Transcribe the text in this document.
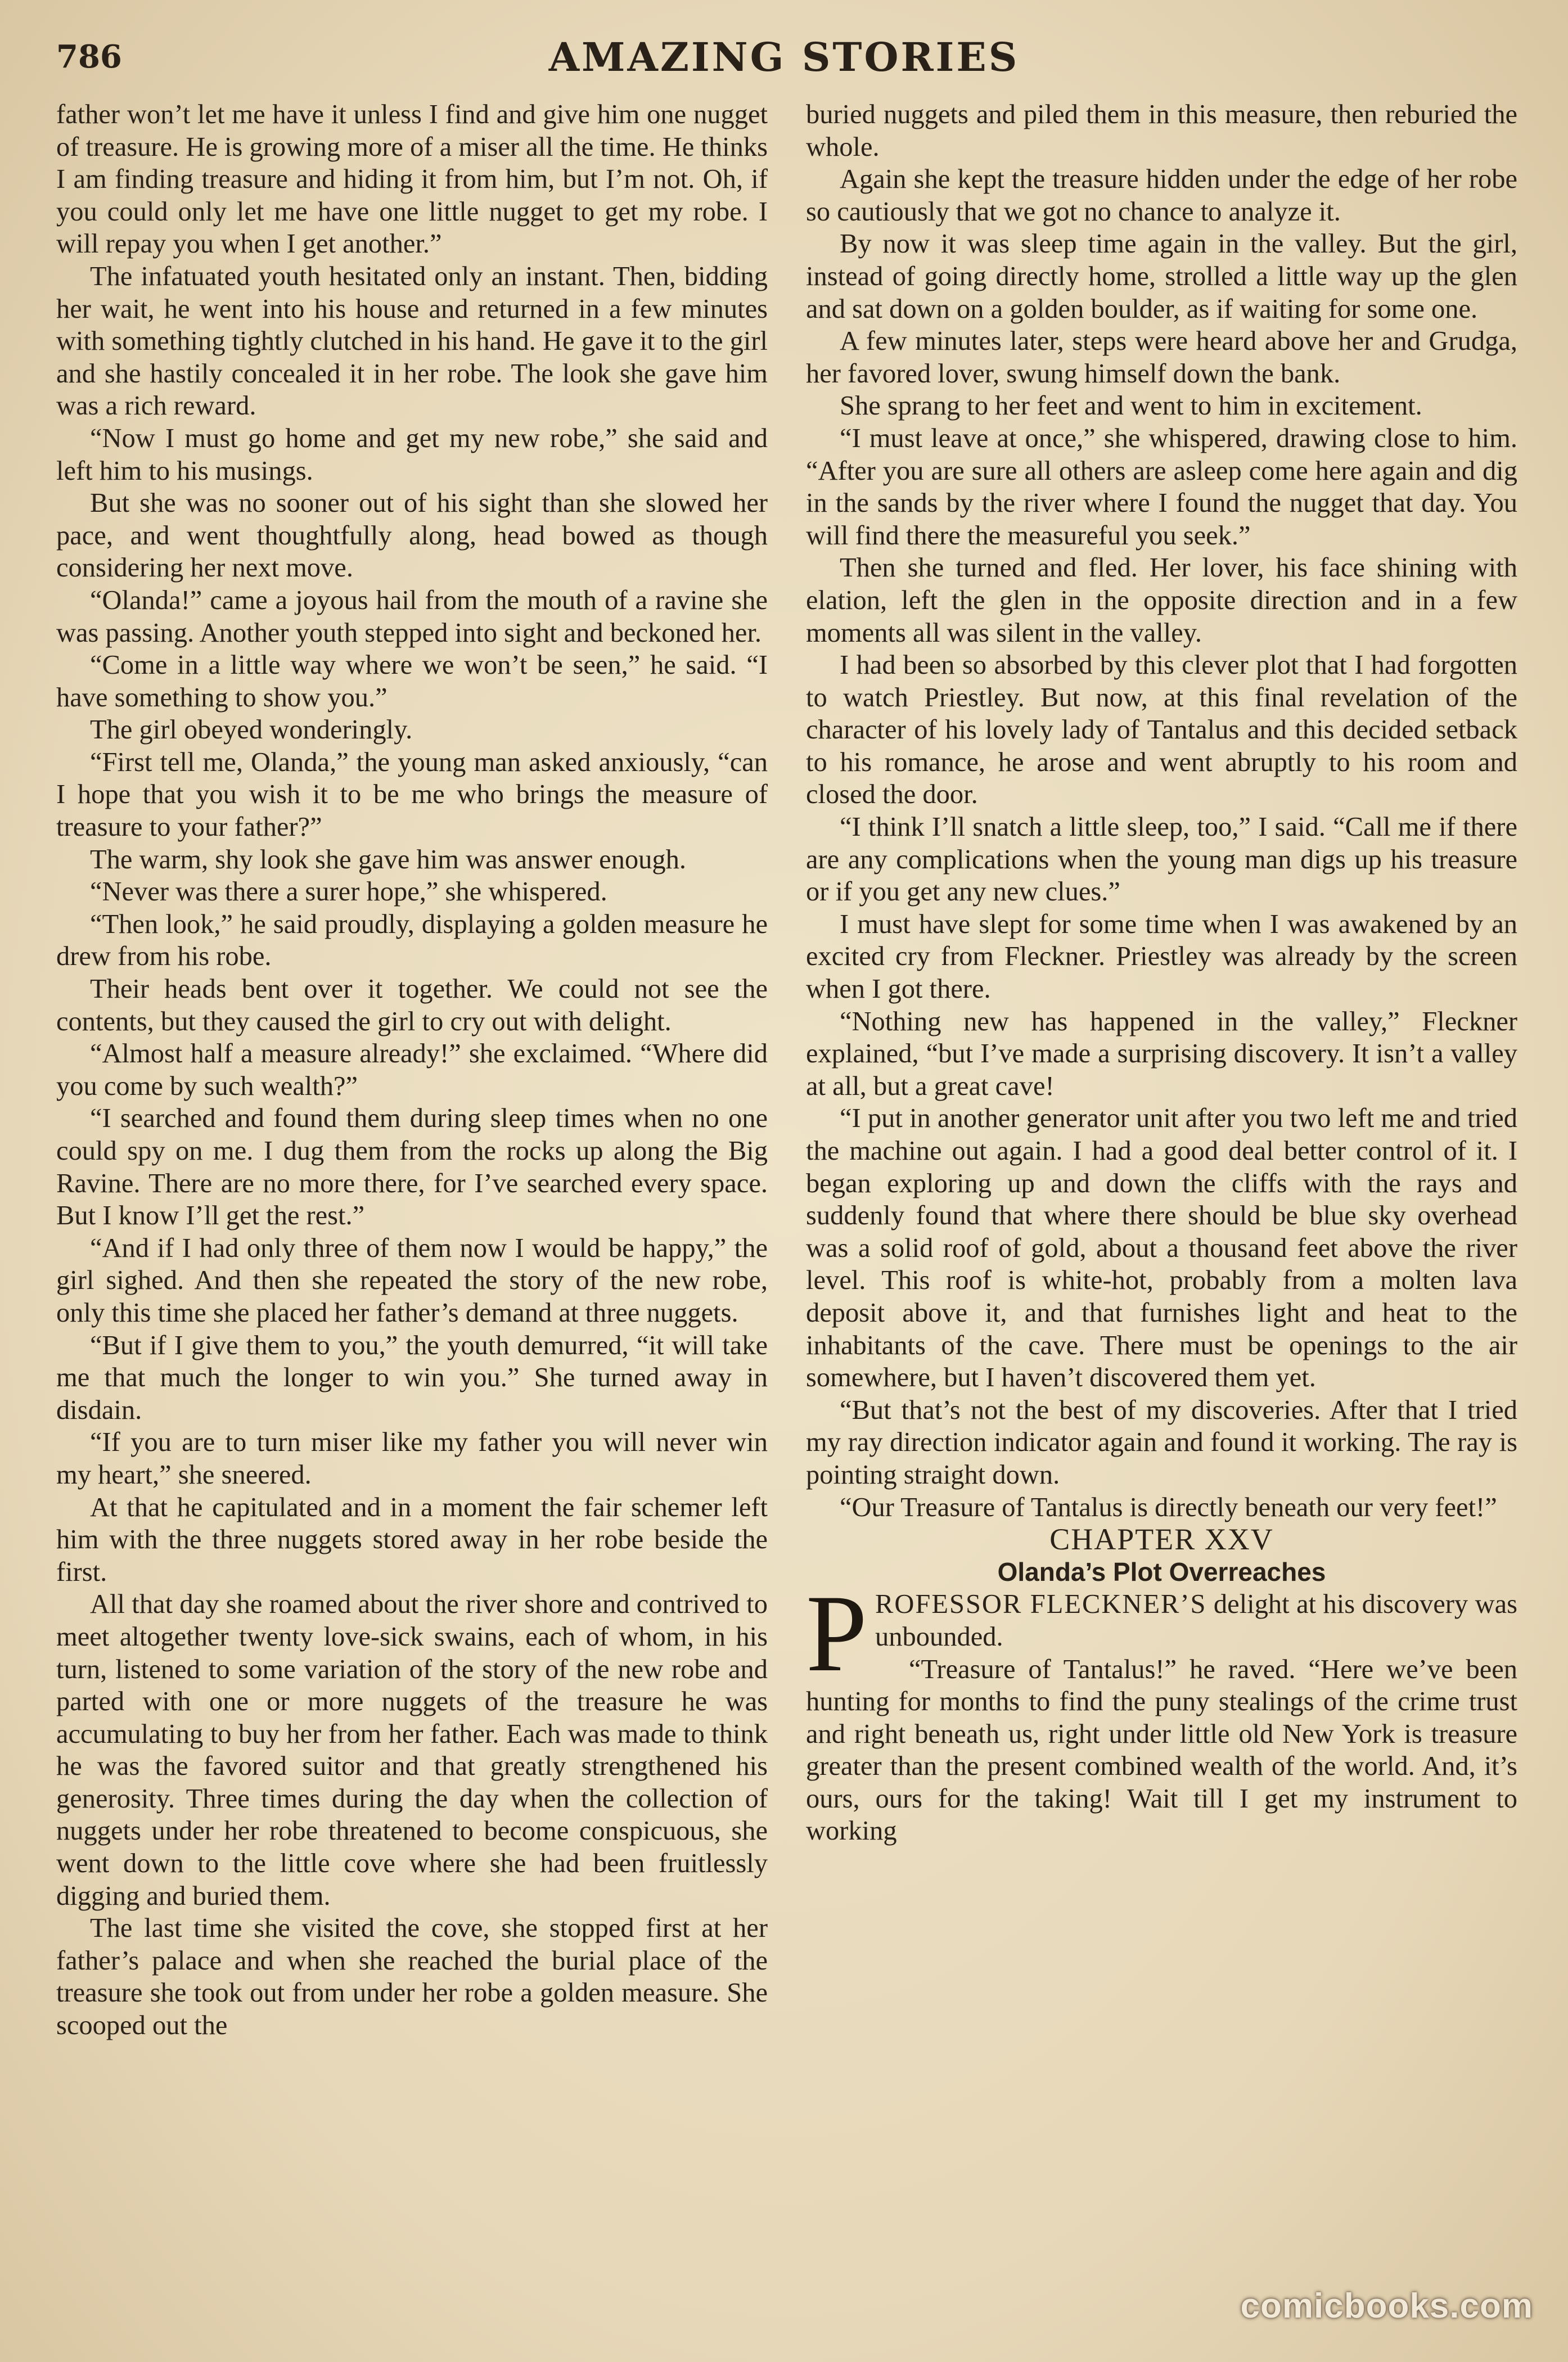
786	AMAZING STORIES

father won’t let me have it unless I find and give him one nugget of treasure. He is growing more of a miser all the time. He thinks I am finding treasure and hiding it from him, but I’m not. Oh, if you could only let me have one little nugget to get my robe. I will repay you when I get another.”

The infatuated youth hesitated only an instant. Then, bidding her wait, he went into his house and returned in a few minutes with something tightly clutched in his hand. He gave it to the girl and she hastily concealed it in her robe. The look she gave him was a rich reward.

“Now I must go home and get my new robe,” she said and left him to his musings.

But she was no sooner out of his sight than she slowed her pace, and went thoughtfully along, head bowed as though considering her next move.

“Olanda!” came a joyous hail from the mouth of a ravine she was passing. Another youth stepped into sight and beckoned her.

“Come in a little way where we won’t be seen,” he said. “I have something to show you.”

The girl obeyed wonderingly.

“First tell me, Olanda,” the young man asked anxiously, “can I hope that you wish it to be me who brings the measure of treasure to your father?”

The warm, shy look she gave him was answer enough.

“Never was there a surer hope,” she whispered.

“Then look,” he said proudly, displaying a golden measure he drew from his robe.

Their heads bent over it together. We could not see the contents, but they caused the girl to cry out with delight.

“Almost half a measure already!” she exclaimed. “Where did you come by such wealth?”

“I searched and found them during sleep times when no one could spy on me. I dug them from the rocks up along the Big Ravine. There are no more there, for I’ve searched every space. But I know I’ll get the rest.”

“And if I had only three of them now I would be happy,” the girl sighed. And then she repeated the story of the new robe, only this time she placed her father’s demand at three nuggets.

“But if I give them to you,” the youth demurred, “it will take me that much the longer to win you.” She turned away in disdain.

“If you are to turn miser like my father you will never win my heart,” she sneered.

At that he capitulated and in a moment the fair schemer left him with the three nuggets stored away in her robe beside the first.

All that day she roamed about the river shore and contrived to meet altogether twenty love-sick swains, each of whom, in his turn, listened to some variation of the story of the new robe and parted with one or more nuggets of the treasure he was accumulating to buy her from her father. Each was made to think he was the favored suitor and that greatly strengthened his generosity. Three times during the day when the collection of nuggets under her robe threatened to become conspicuous, she went down to the little cove where she had been fruitlessly digging and buried them.

The last time she visited the cove, she stopped first at her father’s palace and when she reached the burial place of the treasure she took out from under her robe a golden measure. She scooped out the

buried nuggets and piled them in this measure, then reburied the whole.

Again she kept the treasure hidden under the edge of her robe so cautiously that we got no chance to analyze it.

By now it was sleep time again in the valley. But the girl, instead of going directly home, strolled a little way up the glen and sat down on a golden boulder, as if waiting for some one.

A few minutes later, steps were heard above her and Grudga, her favored lover, swung himself down the bank.

She sprang to her feet and went to him in excitement.

“I must leave at once,” she whispered, drawing close to him. “After you are sure all others are asleep come here again and dig in the sands by the river where I found the nugget that day. You will find there the measureful you seek.”

Then she turned and fled. Her lover, his face shining with elation, left the glen in the opposite direction and in a few moments all was silent in the valley.

I had been so absorbed by this clever plot that I had forgotten to watch Priestley. But now, at this final revelation of the character of his lovely lady of Tantalus and this decided setback to his romance, he arose and went abruptly to his room and closed the door.

“I think I’ll snatch a little sleep, too,” I said. “Call me if there are any complications when the young man digs up his treasure or if you get any new clues.”

I must have slept for some time when I was awakened by an excited cry from Fleckner. Priestley was already by the screen when I got there.

“Nothing new has happened in the valley,” Fleckner explained, “but I’ve made a surprising discovery. It isn’t a valley at all, but a great cave!

“I put in another generator unit after you two left me and tried the machine out again. I had a good deal better control of it. I began exploring up and down the cliffs with the rays and suddenly found that where there should be blue sky overhead was a solid roof of gold, about a thousand feet above the river level. This roof is white-hot, probably from a molten lava deposit above it, and that furnishes light and heat to the inhabitants of the cave. There must be openings to the air somewhere, but I haven’t discovered them yet.

“But that’s not the best of my discoveries. After that I tried my ray direction indicator again and found it working. The ray is pointing straight down.

“Our Treasure of Tantalus is directly beneath our very feet!”

CHAPTER XXV

Olanda’s Plot Overreaches

PROFESSOR FLECKNER’S delight at his discovery was unbounded.

“Treasure of Tantalus!” he raved. “Here we’ve been hunting for months to find the puny stealings of the crime trust and right beneath us, right under little old New York is treasure greater than the present combined wealth of the world. And, it’s ours, ours for the taking! Wait till I get my instrument to working

comicbooks.com
